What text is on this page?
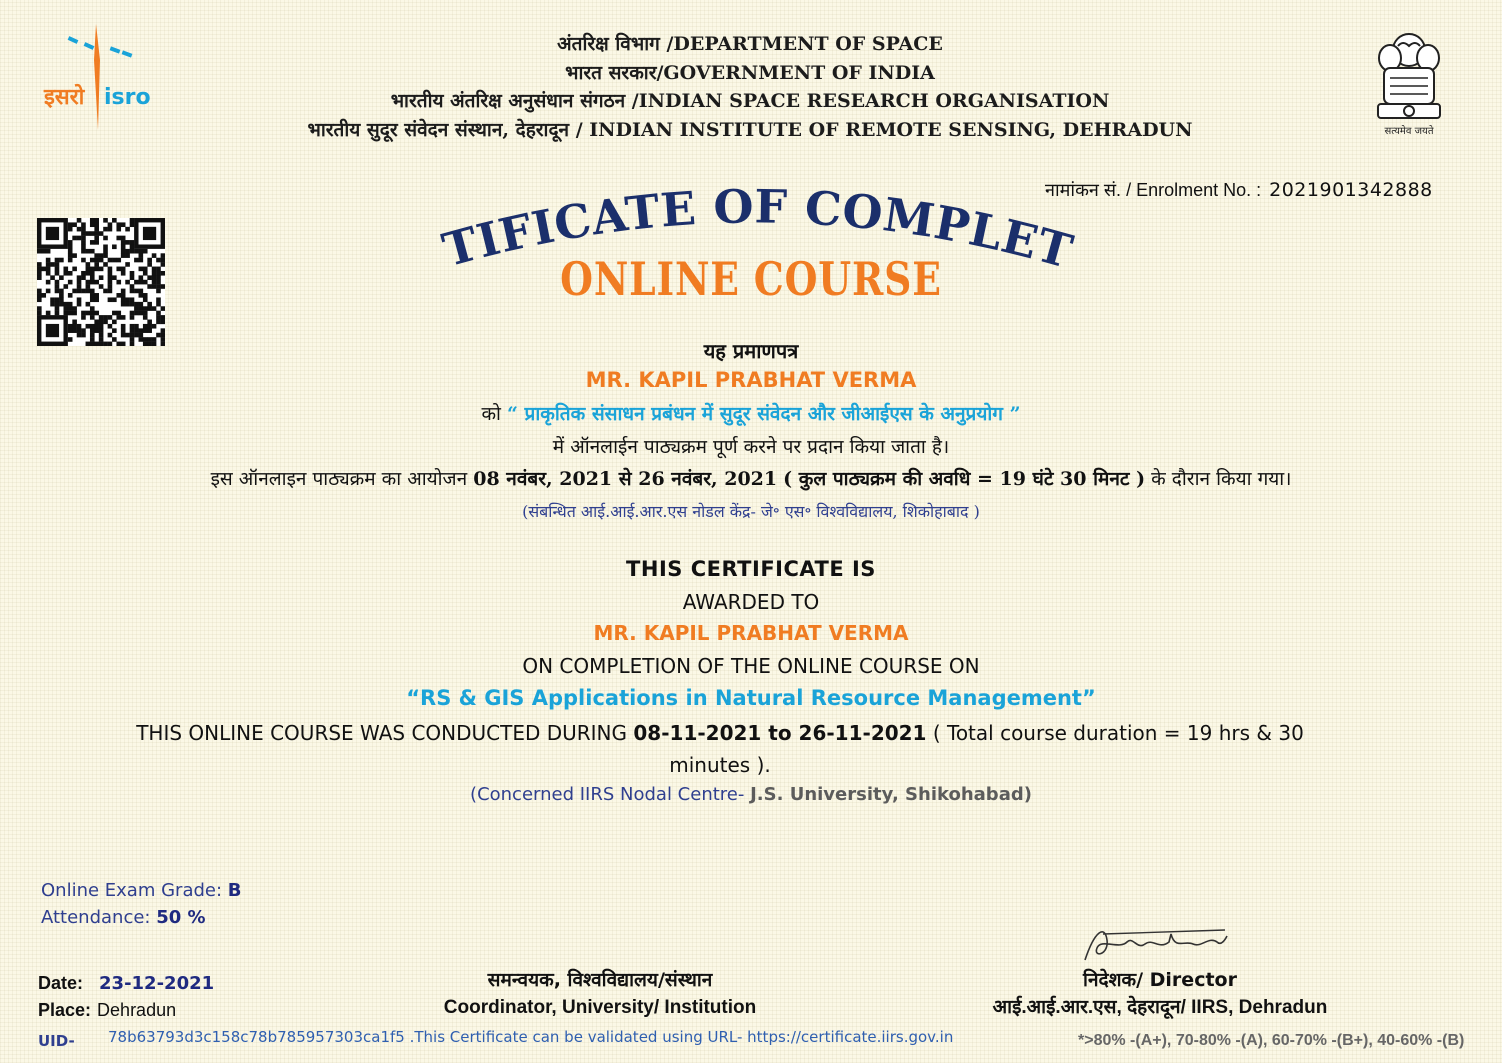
इसरो isro
अंतरिक्ष विभाग /DEPARTMENT OF SPACE
भारत सरकार/GOVERNMENT OF INDIA
भारतीय अंतरिक्ष अनुसंधान संगठन /INDIAN SPACE RESEARCH ORGANISATION
भारतीय सुदूर संवेदन संस्थान, देहरादून / INDIAN INSTITUTE OF REMOTE SENSING, DEHRADUN	सत्यमेव जयते
नामांकन सं. / Enrolment No. : 2021901342888
TIFICATE OF COMPLET
ONLINE COURSE
यह प्रमाणपत्र
MR. KAPIL PRABHAT VERMA
को “ प्राकृतिक संसाधन प्रबंधन में सुदूर संवेदन और जीआईएस के अनुप्रयोग ”
में ऑनलाईन पाठ्यक्रम पूर्ण करने पर प्रदान किया जाता है।
इस ऑनलाइन पाठ्यक्रम का आयोजन 08 नवंबर, 2021 से 26 नवंबर, 2021 ( कुल पाठ्यक्रम की अवधि = 19 घंटे 30 मिनट ) के दौरान किया गया।
(संबन्धित आई.आई.आर.एस नोडल केंद्र- जे॰ एस॰ विश्वविद्यालय, शिकोहाबाद )
THIS CERTIFICATE IS
AWARDED TO
MR. KAPIL PRABHAT VERMA
ON COMPLETION OF THE ONLINE COURSE ON
“RS & GIS Applications in Natural Resource Management”
THIS ONLINE COURSE WAS CONDUCTED DURING 08-11-2021 to 26-11-2021 ( Total course duration = 19 hrs & 30 minutes ).
(Concerned IIRS Nodal Centre- J.S. University, Shikohabad)
Online Exam Grade: B
Attendance: 50 %
Date: 23-12-2021
Place: Dehradun
समन्वयक, विश्वविद्यालय/संस्थान
Coordinator, University/ Institution
निदेशक/ Director
आई.आई.आर.एस, देहरादून/ IIRS, Dehradun
UID- 78b63793d3c158c78b785957303ca1f5 .This Certificate can be validated using URL- https://certificate.iirs.gov.in	*>80% -(A+), 70-80% -(A), 60-70% -(B+), 40-60% -(B)
